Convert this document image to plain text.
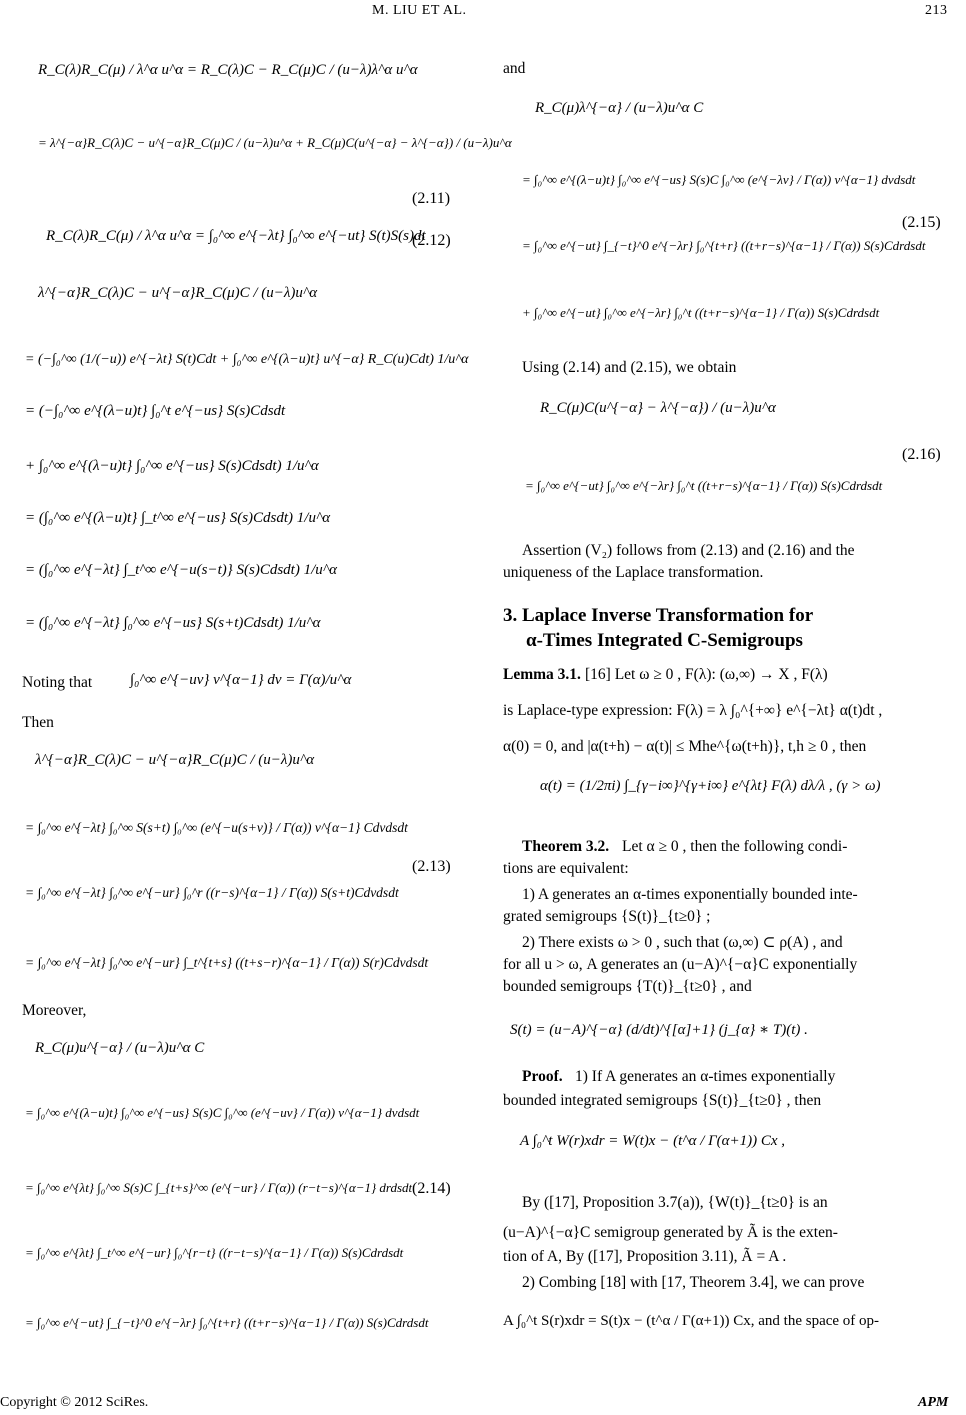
M. LIU ET AL.	213
R_C(λ)R_C(μ) / λ^α u^α = R_C(λ)C − R_C(μ)C / (u−λ)λ^α u^α
= λ^{−α}R_C(λ)C − u^{−α}R_C(μ)C / (u−λ)u^α + R_C(μ)C(u^{−α} − λ^{−α}) / (u−λ)u^α
(2.11)
R_C(λ)R_C(μ) / λ^α u^α = ∫₀^∞ e^{−λt} ∫₀^∞ e^{−ut} S(t)S(s)dt
(2.12)
λ^{−α}R_C(λ)C − u^{−α}R_C(μ)C / (u−λ)u^α
= (−∫₀^∞ (1/(−u)) e^{−λt} S(t)Cdt + ∫₀^∞ e^{(λ−u)t} u^{−α} R_C(u)Cdt) 1/u^α
= (−∫₀^∞ e^{(λ−u)t} ∫₀^t e^{−us} S(s)Cdsdt
+ ∫₀^∞ e^{(λ−u)t} ∫₀^∞ e^{−us} S(s)Cdsdt) 1/u^α
= (∫₀^∞ e^{(λ−u)t} ∫_t^∞ e^{−us} S(s)Cdsdt) 1/u^α
= (∫₀^∞ e^{−λt} ∫_t^∞ e^{−u(s−t)} S(s)Cdsdt) 1/u^α
= (∫₀^∞ e^{−λt} ∫₀^∞ e^{−us} S(s+t)Cdsdt) 1/u^α
Noting that	∫₀^∞ e^{−uv} v^{α−1} dv = Γ(α)/u^α
Then
λ^{−α}R_C(λ)C − u^{−α}R_C(μ)C / (u−λ)u^α
= ∫₀^∞ e^{−λt} ∫₀^∞ S(s+t) ∫₀^∞ (e^{−u(s+v)} / Γ(α)) v^{α−1} Cdvdsdt
= ∫₀^∞ e^{−λt} ∫₀^∞ e^{−ur} ∫₀^r ((r−s)^{α−1} / Γ(α)) S(s+t)Cdvdsdt
= ∫₀^∞ e^{−λt} ∫₀^∞ e^{−ur} ∫_t^{t+s} ((t+s−r)^{α−1} / Γ(α)) S(r)Cdvdsdt
(2.13)
Moreover,
R_C(μ)u^{−α} / (u−λ)u^α C
= ∫₀^∞ e^{(λ−u)t} ∫₀^∞ e^{−us} S(s)C ∫₀^∞ (e^{−uv} / Γ(α)) v^{α−1} dvdsdt
= ∫₀^∞ e^{λt} ∫₀^∞ S(s)C ∫_{t+s}^∞ (e^{−ur} / Γ(α)) (r−t−s)^{α−1} drdsdt
= ∫₀^∞ e^{λt} ∫_t^∞ e^{−ur} ∫₀^{r−t} ((r−t−s)^{α−1} / Γ(α)) S(s)Cdrdsdt
= ∫₀^∞ e^{−ut} ∫_{−t}^0 e^{−λr} ∫₀^{t+r} ((t+r−s)^{α−1} / Γ(α)) S(s)Cdrdsdt
(2.14)
and
R_C(μ)λ^{−α} / (u−λ)u^α C
= ∫₀^∞ e^{(λ−u)t} ∫₀^∞ e^{−us} S(s)C ∫₀^∞ (e^{−λv} / Γ(α)) v^{α−1} dvdsdt
= ∫₀^∞ e^{−ut} ∫_{−t}^0 e^{−λr} ∫₀^{t+r} ((t+r−s)^{α−1} / Γ(α)) S(s)Cdrdsdt
+ ∫₀^∞ e^{−ut} ∫₀^∞ e^{−λr} ∫₀^t ((t+r−s)^{α−1} / Γ(α)) S(s)Cdrdsdt
(2.15)
Using (2.14) and (2.15), we obtain
R_C(μ)C(u^{−α} − λ^{−α}) / (u−λ)u^α
= ∫₀^∞ e^{−ut} ∫₀^∞ e^{−λr} ∫₀^t ((t+r−s)^{α−1} / Γ(α)) S(s)Cdrdsdt
(2.16)
Assertion (V₂) follows from (2.13) and (2.16) and the
uniqueness of the Laplace transformation.
3. Laplace Inverse Transformation for
α-Times Integrated C-Semigroups
Lemma 3.1. [16] Let ω ≥ 0 , F(λ): (ω,∞) → X , F(λ)
is Laplace-type expression: F(λ) = λ ∫₀^{+∞} e^{−λt} α(t)dt ,
α(0) = 0, and |α(t+h) − α(t)| ≤ Mhe^{ω(t+h)}, t,h ≥ 0 , then
α(t) = (1/2πi) ∫_{γ−i∞}^{γ+i∞} e^{λt} F(λ) dλ/λ , (γ > ω)
Theorem 3.2. Let α ≥ 0 , then the following condi-
tions are equivalent:
1) A generates an α-times exponentially bounded inte-
grated semigroups {S(t)}_{t≥0} ;
2) There exists ω > 0 , such that (ω,∞) ⊂ ρ(A) , and
for all u > ω, A generates an (u−A)^{−α}C exponentially
bounded semigroups {T(t)}_{t≥0} , and
S(t) = (u−A)^{−α} (d/dt)^{[α]+1} (j_{α} ∗ T)(t) .
Proof. 1) If A generates an α-times exponentially
bounded integrated semigroups {S(t)}_{t≥0} , then
A ∫₀^t W(r)xdr = W(t)x − (t^α / Γ(α+1)) Cx ,
By ([17], Proposition 3.7(a)), {W(t)}_{t≥0} is an
(u−A)^{−α}C semigroup generated by Ã is the exten-
tion of A, By ([17], Proposition 3.11), Ã = A .
2) Combing [18] with [17, Theorem 3.4], we can prove
A ∫₀^t S(r)xdr = S(t)x − (t^α / Γ(α+1)) Cx, and the space of op-
Copyright © 2012 SciRes.	APM
